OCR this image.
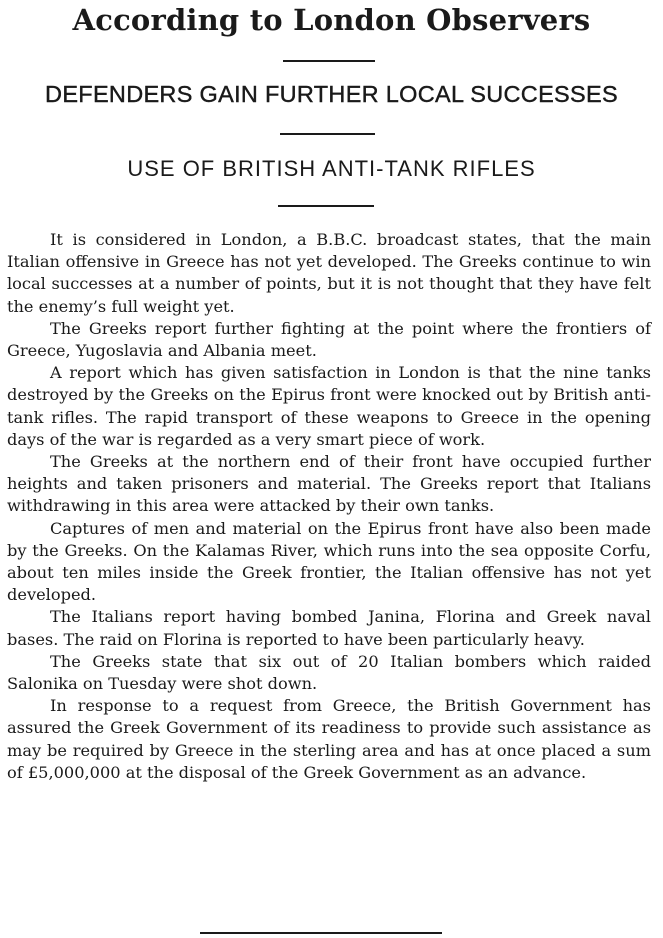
According to London Observers
DEFENDERS GAIN FURTHER LOCAL SUCCESSES
USE OF BRITISH ANTI-TANK RIFLES

It is considered in London, a B.B.C. broadcast states, that the main Italian offensive in Greece has not yet developed. The Greeks continue to win local successes at a number of points, but it is not thought that they have felt the enemy’s full weight yet.

The Greeks report further fighting at the point where the frontiers of Greece, Yugoslavia and Albania meet.

A report which has given satisfaction in London is that the nine tanks destroyed by the Greeks on the Epirus front were knocked out by British anti-tank rifles. The rapid transport of these weapons to Greece in the opening days of the war is regarded as a very smart piece of work.

The Greeks at the northern end of their front have occupied further heights and taken prisoners and material. The Greeks report that Italians withdrawing in this area were attacked by their own tanks.

Captures of men and material on the Epirus front have also been made by the Greeks. On the Kalamas River, which runs into the sea opposite Corfu, about ten miles inside the Greek frontier, the Italian offensive has not yet developed.

The Italians report having bombed Janina, Florina and Greek naval bases. The raid on Florina is reported to have been particularly heavy.

The Greeks state that six out of 20 Italian bombers which raided Salonika on Tuesday were shot down.

In response to a request from Greece, the British Government has assured the Greek Government of its readiness to provide such assistance as may be required by Greece in the sterling area and has at once placed a sum of £5,000,000 at the disposal of the Greek Government as an advance.
